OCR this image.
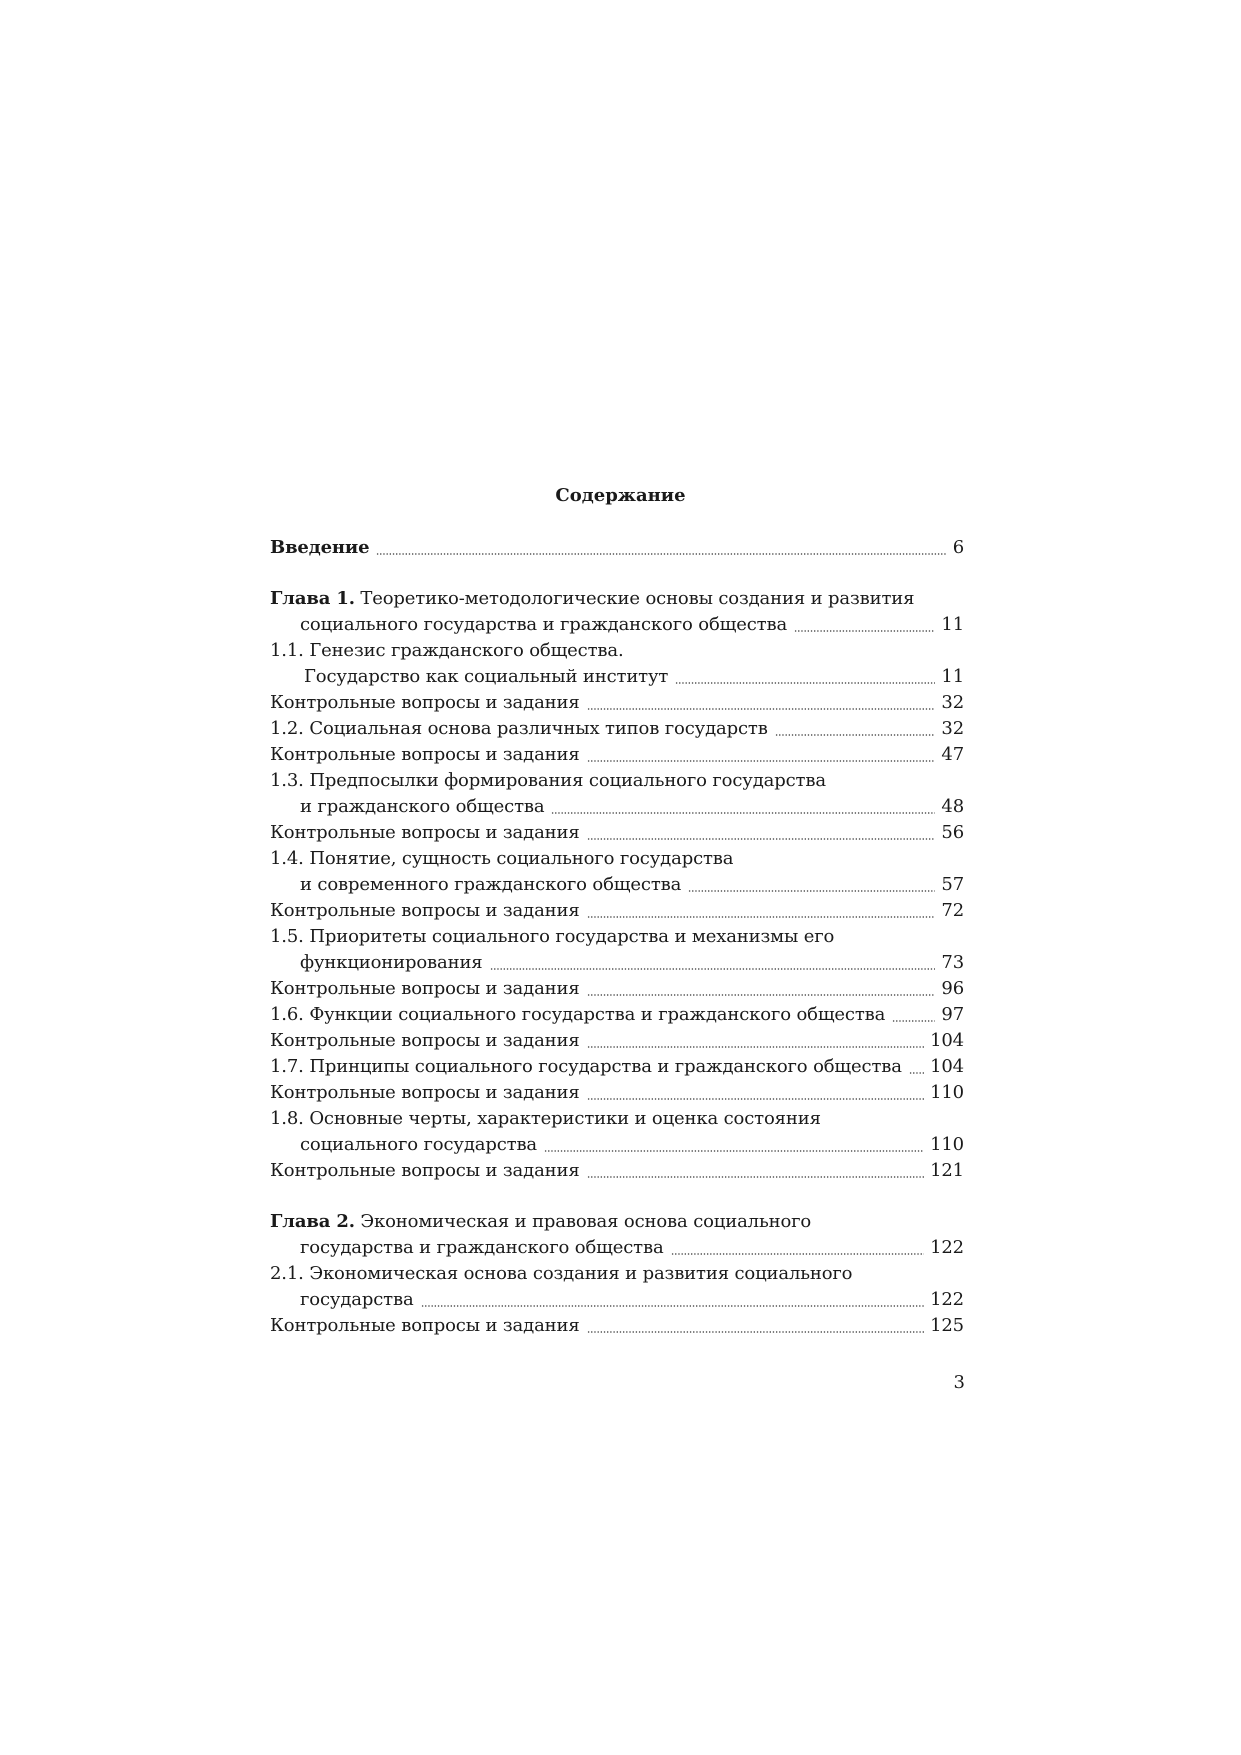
Содержание
Введение	6
Глава 1. Теоретико-методологические основы создания и развития
социального государства и гражданского общества	11
1.1. Генезис гражданского общества.
Государство как социальный институт	11
Контрольные вопросы и задания	32
1.2. Социальная основа различных типов государств	32
Контрольные вопросы и задания	47
1.3. Предпосылки формирования социального государства
и гражданского общества	48
Контрольные вопросы и задания	56
1.4. Понятие, сущность социального государства
и современного гражданского общества	57
Контрольные вопросы и задания	72
1.5. Приоритеты социального государства и механизмы его
функционирования	73
Контрольные вопросы и задания	96
1.6. Функции социального государства и гражданского общества	97
Контрольные вопросы и задания	104
1.7. Принципы социального государства и гражданского общества 104
Контрольные вопросы и задания	110
1.8. Основные черты, характеристики и оценка состояния
социального государства	110
Контрольные вопросы и задания	121
Глава 2. Экономическая и правовая основа социального
государства и гражданского общества	122
2.1. Экономическая основа создания и развития социального
государства	122
Контрольные вопросы и задания	125
3
